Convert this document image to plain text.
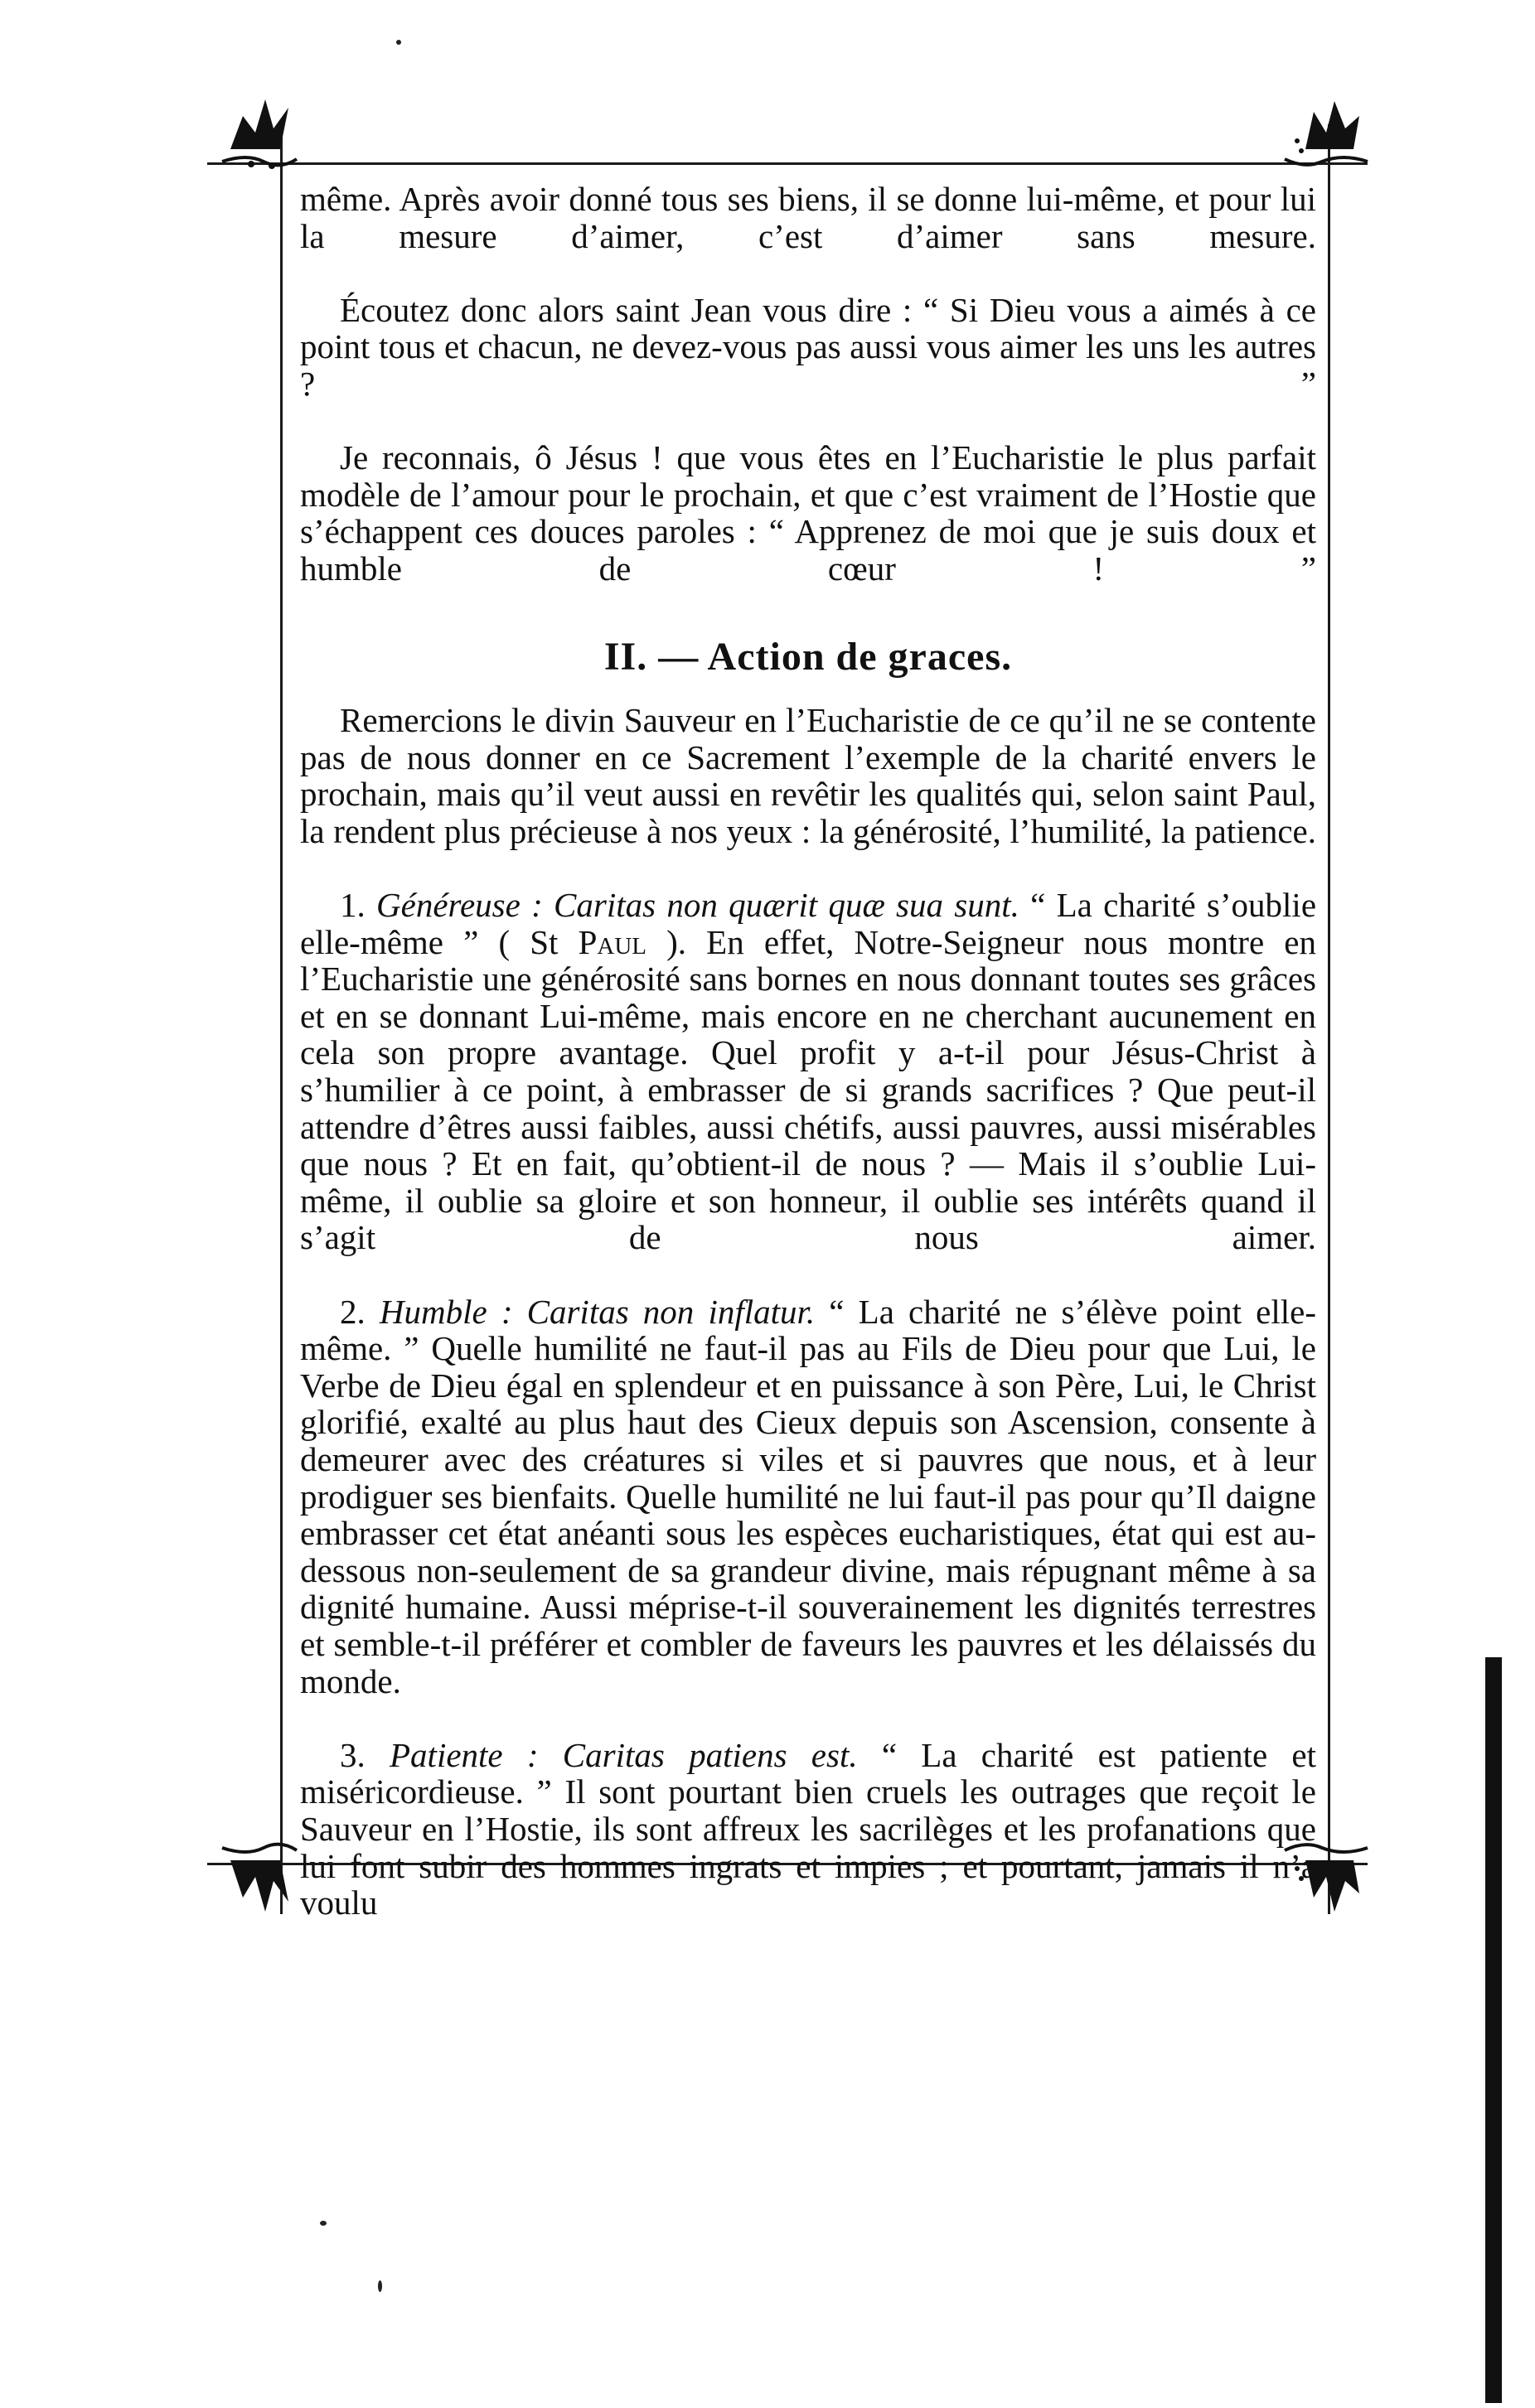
même. Après avoir donné tous ses biens, il se donne lui-même, et pour lui la mesure d’aimer, c’est d’aimer sans mesure.

Écoutez donc alors saint Jean vous dire : “ Si Dieu vous a aimés à ce point tous et chacun, ne devez-vous pas aussi vous aimer les uns les autres ? ”

Je reconnais, ô Jésus ! que vous êtes en l’Eucharistie le plus parfait modèle de l’amour pour le prochain, et que c’est vraiment de l’Hostie que s’échappent ces douces paroles : “ Apprenez de moi que je suis doux et humble de cœur ! ”

II. — Action de graces.

Remercions le divin Sauveur en l’Eucharistie de ce qu’il ne se contente pas de nous donner en ce Sacrement l’exemple de la charité envers le prochain, mais qu’il veut aussi en revêtir les qualités qui, selon saint Paul, la rendent plus précieuse à nos yeux : la générosité, l’humilité, la patience.

1. Généreuse : Caritas non quærit quæ sua sunt. “ La charité s’oublie elle-même ” ( St Paul ). En effet, Notre-Seigneur nous montre en l’Eucharistie une générosité sans bornes en nous donnant toutes ses grâces et en se donnant Lui-même, mais encore en ne cherchant aucunement en cela son propre avantage. Quel profit y a-t-il pour Jésus-Christ à s’humilier à ce point, à embrasser de si grands sacrifices ? Que peut-il attendre d’êtres aussi faibles, aussi chétifs, aussi pauvres, aussi misérables que nous ? Et en fait, qu’obtient-il de nous ? — Mais il s’oublie Lui-même, il oublie sa gloire et son honneur, il oublie ses intérêts quand il s’agit de nous aimer.

2. Humble : Caritas non inflatur. “ La charité ne s’élève point elle-même. ” Quelle humilité ne faut-il pas au Fils de Dieu pour que Lui, le Verbe de Dieu égal en splendeur et en puissance à son Père, Lui, le Christ glorifié, exalté au plus haut des Cieux depuis son Ascension, consente à demeurer avec des créatures si viles et si pauvres que nous, et à leur prodiguer ses bienfaits. Quelle humilité ne lui faut-il pas pour qu’Il daigne embrasser cet état anéanti sous les espèces eucharistiques, état qui est au-dessous non-seulement de sa grandeur divine, mais répugnant même à sa dignité humaine. Aussi méprise-t-il souverainement les dignités terrestres et semble-t-il préférer et combler de faveurs les pauvres et les délaissés du monde.

3. Patiente : Caritas patiens est. “ La charité est patiente et miséricordieuse. ” Il sont pourtant bien cruels les outrages que reçoit le Sauveur en l’Hostie, ils sont affreux les sacrilèges et les profanations que lui font subir des hommes ingrats et impies ; et pourtant, jamais il n’a voulu
